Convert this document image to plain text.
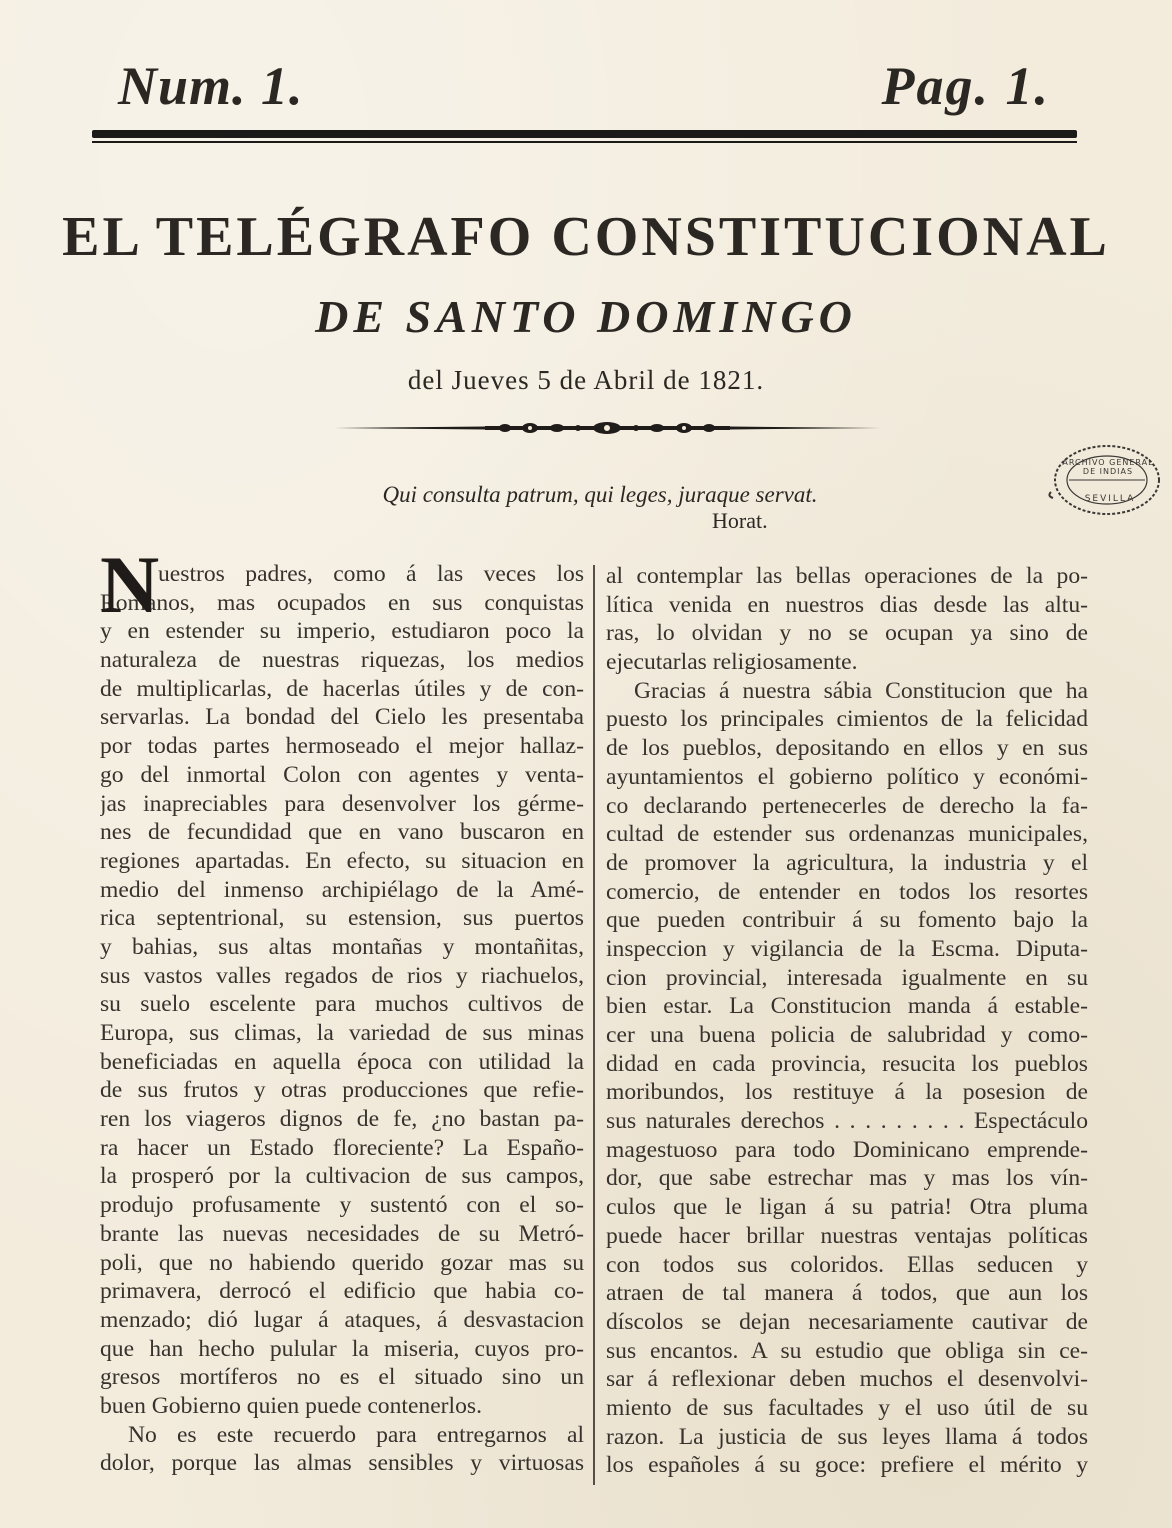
Num. 1.	Pag. 1.
EL TELÉGRAFO CONSTITUCIONAL
DE SANTO DOMINGO
del Jueves 5 de Abril de 1821.
ARCHIVO GENERAL DE INDIAS
SEVILLA
Qui consulta patrum, qui leges, juraque servat.
Horat.
N
uestros padres, como á las veces los
Romanos, mas ocupados en sus conquistas
y en estender su imperio, estudiaron poco la
naturaleza de nuestras riquezas, los medios
de multiplicarlas, de hacerlas útiles y de con-
servarlas. La bondad del Cielo les presentaba
por todas partes hermoseado el mejor hallaz-
go del inmortal Colon con agentes y venta-
jas inapreciables para desenvolver los gérme-
nes de fecundidad que en vano buscaron en
regiones apartadas. En efecto, su situacion en
medio del inmenso archipiélago de la Amé-
rica septentrional, su estension, sus puertos
y bahias, sus altas montañas y montañitas,
sus vastos valles regados de rios y riachuelos,
su suelo escelente para muchos cultivos de
Europa, sus climas, la variedad de sus minas
beneficiadas en aquella época con utilidad la
de sus frutos y otras producciones que refie-
ren los viageros dignos de fe, ¿no bastan pa-
ra hacer un Estado floreciente? La Españo-
la prosperó por la cultivacion de sus campos,
produjo profusamente y sustentó con el so-
brante las nuevas necesidades de su Metró-
poli, que no habiendo querido gozar mas su
primavera, derrocó el edificio que habia co-
menzado; dió lugar á ataques, á desvastacion
que han hecho pulular la miseria, cuyos pro-
gresos mortíferos no es el situado sino un
buen Gobierno quien puede contenerlos.
No es este recuerdo para entregarnos al
dolor, porque las almas sensibles y virtuosas
al contemplar las bellas operaciones de la po-
lítica venida en nuestros dias desde las altu-
ras, lo olvidan y no se ocupan ya sino de
ejecutarlas religiosamente.
Gracias á nuestra sábia Constitucion que ha
puesto los principales cimientos de la felicidad
de los pueblos, depositando en ellos y en sus
ayuntamientos el gobierno político y económi-
co declarando pertenecerles de derecho la fa-
cultad de estender sus ordenanzas municipales,
de promover la agricultura, la industria y el
comercio, de entender en todos los resortes
que pueden contribuir á su fomento bajo la
inspeccion y vigilancia de la Escma. Diputa-
cion provincial, interesada igualmente en su
bien estar. La Constitucion manda á estable-
cer una buena policia de salubridad y como-
didad en cada provincia, resucita los pueblos
moribundos, los restituye á la posesion de
sus naturales derechos . . . . . . . . . Espectáculo
magestuoso para todo Dominicano emprende-
dor, que sabe estrechar mas y mas los vín-
culos que le ligan á su patria! Otra pluma
puede hacer brillar nuestras ventajas políticas
con todos sus coloridos. Ellas seducen y
atraen de tal manera á todos, que aun los
díscolos se dejan necesariamente cautivar de
sus encantos. A su estudio que obliga sin ce-
sar á reflexionar deben muchos el desenvolvi-
miento de sus facultades y el uso útil de su
razon. La justicia de sus leyes llama á todos
los españoles á su goce: prefiere el mérito y
